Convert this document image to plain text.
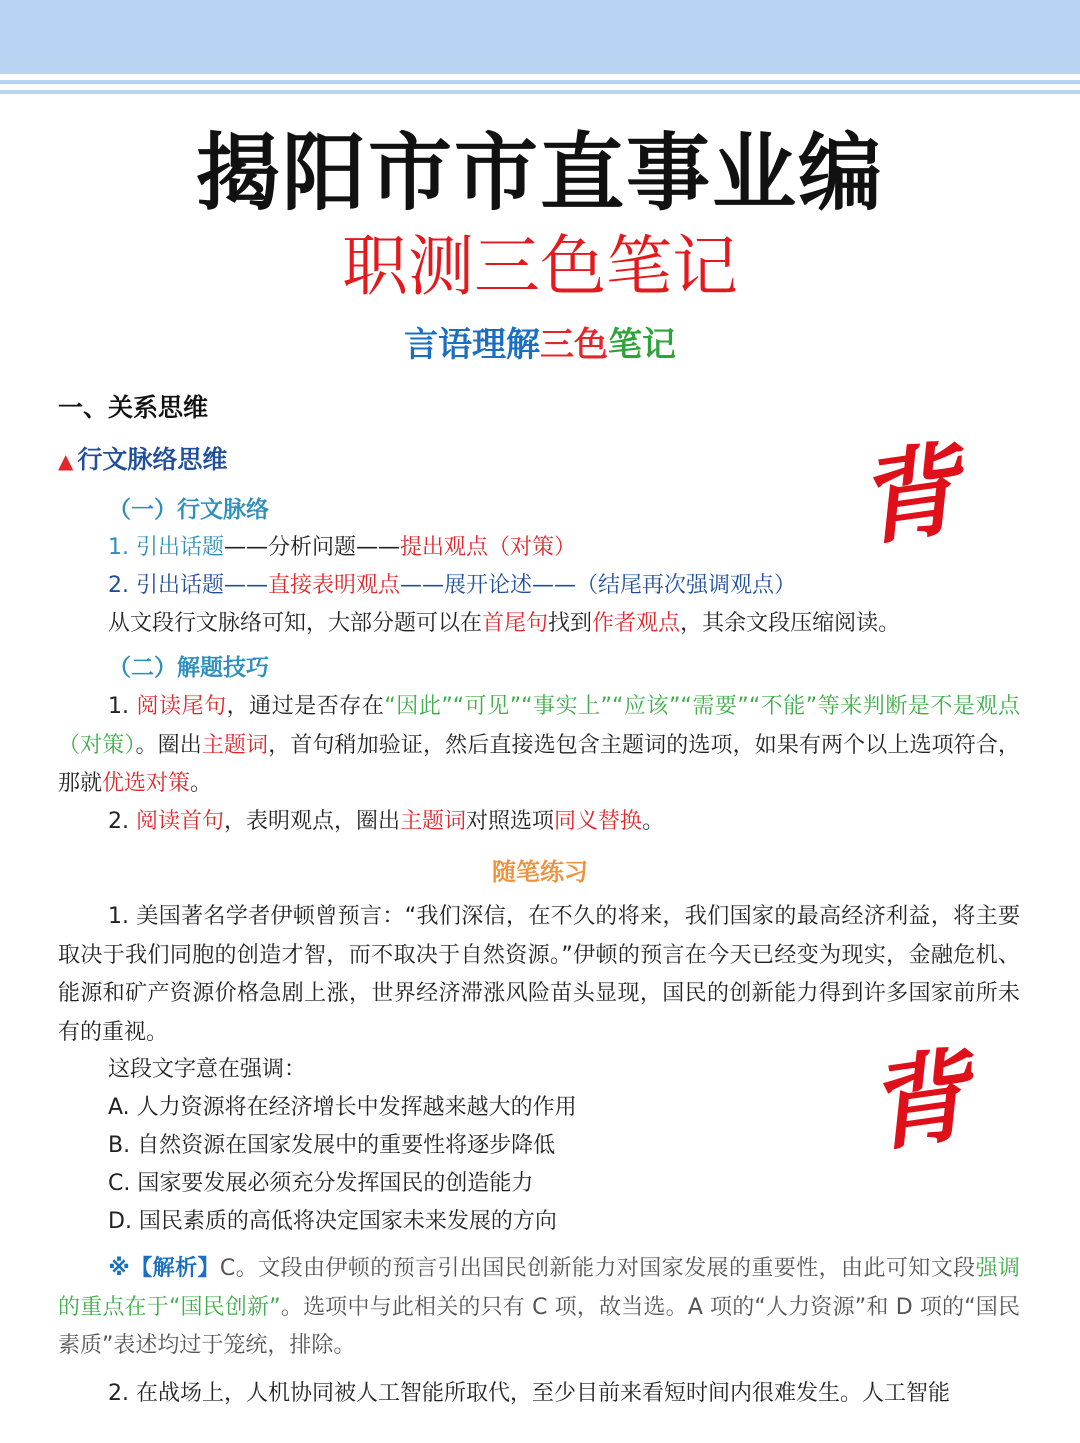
揭阳市市直事业编
职测三色笔记
言语理解三色笔记
一、关系思维
▲ 行文脉络思维	背
（一）行文脉络
1. 引出话题——分析问题——提出观点（对策）
2. 引出话题——直接表明观点——展开论述——（结尾再次强调观点）
从文段行文脉络可知，大部分题可以在首尾句找到作者观点，其余文段压缩阅读。
（二）解题技巧
1. 阅读尾句，通过是否存在“因此”“可见”“事实上”“应该”“需要”“不能”等来判断是不是观点（对策）。圈出主题词，首句稍加验证，然后直接选包含主题词的选项，如果有两个以上选项符合，那就优选对策。
2. 阅读首句，表明观点，圈出主题词对照选项同义替换。
随笔练习
1. 美国著名学者伊顿曾预言：“我们深信，在不久的将来，我们国家的最高经济利益，将主要取决于我们同胞的创造才智，而不取决于自然资源。”伊顿的预言在今天已经变为现实，金融危机、能源和矿产资源价格急剧上涨，世界经济滞涨风险苗头显现，国民的创新能力得到许多国家前所未有的重视。
这段文字意在强调：	背
A. 人力资源将在经济增长中发挥越来越大的作用
B. 自然资源在国家发展中的重要性将逐步降低
C. 国家要发展必须充分发挥国民的创造能力
D. 国民素质的高低将决定国家未来发展的方向
※【解析】C。文段由伊顿的预言引出国民创新能力对国家发展的重要性，由此可知文段强调的重点在于“国民创新”。选项中与此相关的只有 C 项，故当选。A 项的“人力资源”和 D 项的“国民素质”表述均过于笼统，排除。
2. 在战场上，人机协同被人工智能所取代，至少目前来看短时间内很难发生。人工智能
